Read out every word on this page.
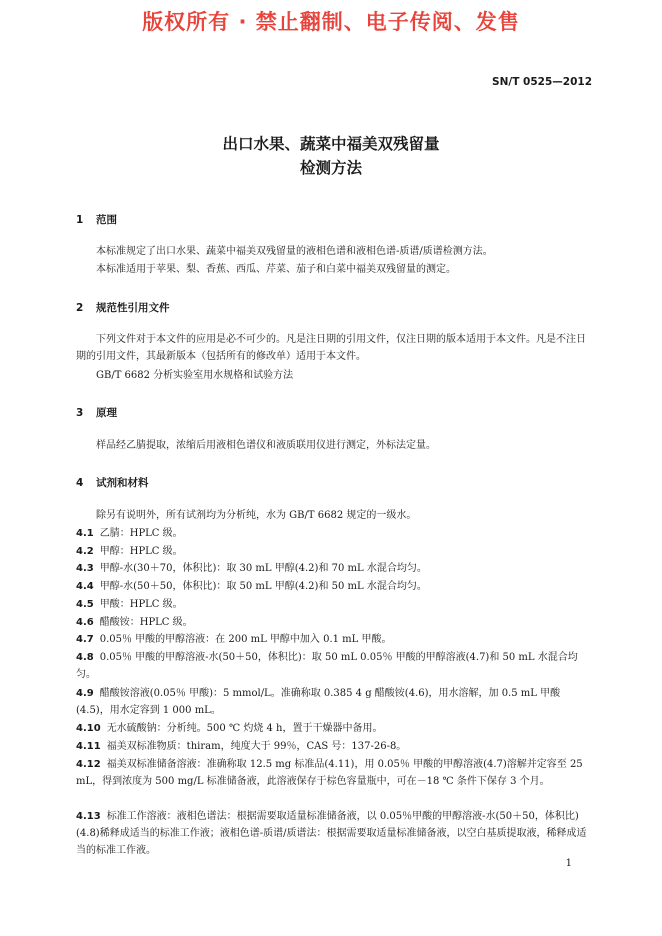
版权所有 · 禁止翻制、电子传阅、发售
SN/T 0525—2012
出口水果、蔬菜中福美双残留量
检测方法
1 范围
本标准规定了出口水果、蔬菜中福美双残留量的液相色谱和液相色谱-质谱/质谱检测方法。
本标准适用于苹果、梨、香蕉、西瓜、芹菜、茄子和白菜中福美双残留量的测定。
2 规范性引用文件
下列文件对于本文件的应用是必不可少的。凡是注日期的引用文件，仅注日期的版本适用于本文件。凡是不注日期的引用文件，其最新版本（包括所有的修改单）适用于本文件。
GB/T 6682 分析实验室用水规格和试验方法
3 原理
样品经乙腈提取，浓缩后用液相色谱仪和液质联用仪进行测定，外标法定量。
4 试剂和材料
除另有说明外，所有试剂均为分析纯，水为 GB/T 6682 规定的一级水。
4.1 乙腈：HPLC 级。
4.2 甲醇：HPLC 级。
4.3 甲醇-水(30＋70，体积比)：取 30 mL 甲醇(4.2)和 70 mL 水混合均匀。
4.4 甲醇-水(50＋50，体积比)：取 50 mL 甲醇(4.2)和 50 mL 水混合均匀。
4.5 甲酸：HPLC 级。
4.6 醋酸铵：HPLC 级。
4.7 0.05％ 甲酸的甲醇溶液：在 200 mL 甲醇中加入 0.1 mL 甲酸。
4.8 0.05％ 甲酸的甲醇溶液-水(50＋50，体积比)：取 50 mL 0.05％ 甲酸的甲醇溶液(4.7)和 50 mL 水混合均匀。
4.9 醋酸铵溶液(0.05％ 甲酸)：5 mmol/L。准确称取 0.385 4 g 醋酸铵(4.6)，用水溶解，加 0.5 mL 甲酸(4.5)，用水定容到 1 000 mL。
4.10 无水硫酸钠：分析纯。500 ℃ 灼烧 4 h，置于干燥器中备用。
4.11 福美双标准物质：thiram，纯度大于 99％，CAS 号：137-26-8。
4.12 福美双标准储备溶液：准确称取 12.5 mg 标准品(4.11)，用 0.05％ 甲酸的甲醇溶液(4.7)溶解并定容至 25 mL，得到浓度为 500 mg/L 标准储备液，此溶液保存于棕色容量瓶中，可在－18 ℃ 条件下保存 3 个月。
4.13 标准工作溶液：液相色谱法：根据需要取适量标准储备液，以 0.05％甲酸的甲醇溶液-水(50＋50，体积比)(4.8)稀释成适当的标准工作液；液相色谱-质谱/质谱法：根据需要取适量标准储备液，以空白基质提取液，稀释成适当的标准工作液。
1
